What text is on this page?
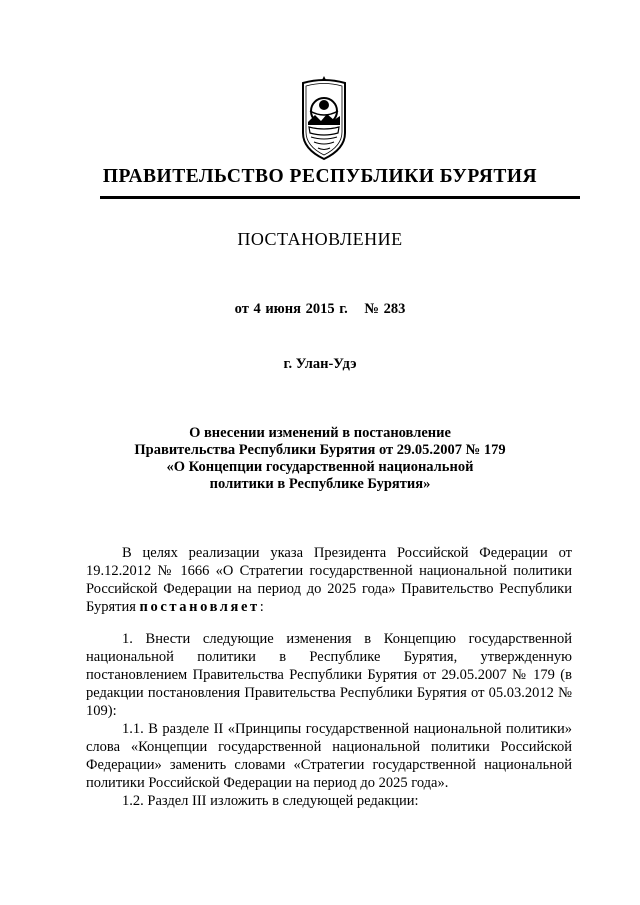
ПРАВИТЕЛЬСТВО РЕСПУБЛИКИ БУРЯТИЯ
ПОСТАНОВЛЕНИЕ
от 4 июня 2015 г. № 283
г. Улан-Удэ
О внесении изменений в постановление
Правительства Республики Бурятия от 29.05.2007 № 179
«О Концепции государственной национальной
политики в Республике Бурятия»

В целях реализации указа Президента Российской Федерации от 19.12.2012 № 1666 «О Стратегии государственной национальной политики Российской Федерации на период до 2025 года» Правительство Республики Бурятия постановляет:

1. Внести следующие изменения в Концепцию государственной национальной политики в Республике Бурятия, утвержденную постановлением Правительства Республики Бурятия от 29.05.2007 № 179 (в редакции постановления Правительства Республики Бурятия от 05.03.2012 № 109):

1.1. В разделе II «Принципы государственной национальной политики» слова «Концепции государственной национальной политики Российской Федерации» заменить словами «Стратегии государственной национальной политики Российской Федерации на период до 2025 года».

1.2. Раздел III изложить в следующей редакции:
